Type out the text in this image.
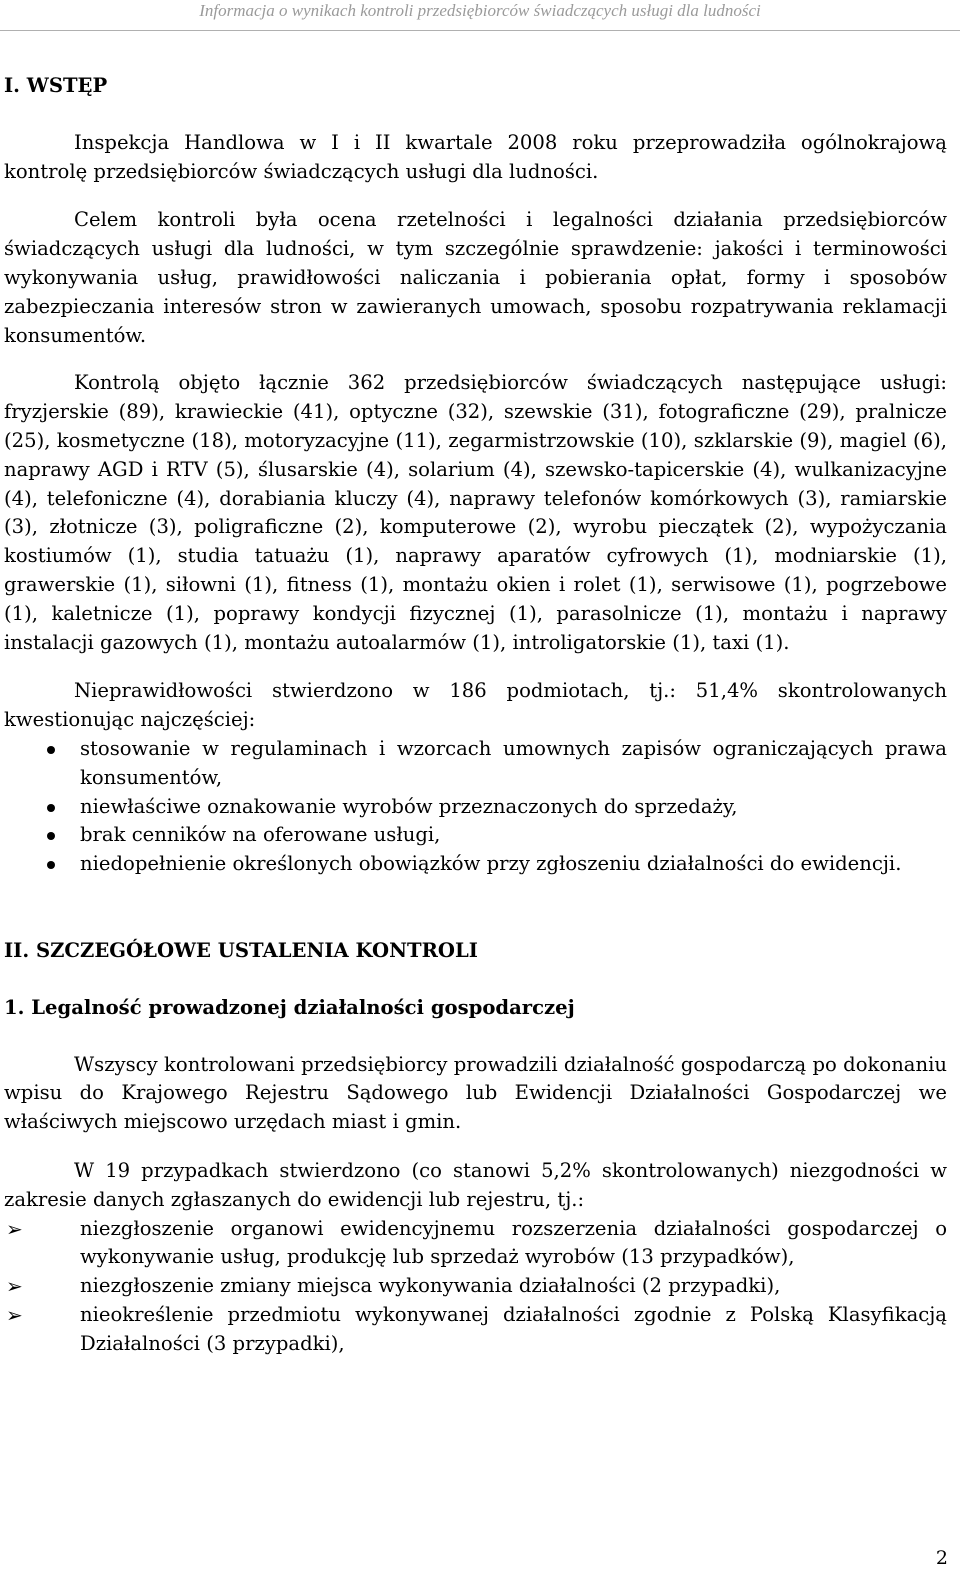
Informacja o wynikach kontroli przedsiębiorców świadczących usługi dla ludności
I. WSTĘP

Inspekcja Handlowa w I i II kwartale 2008 roku przeprowadziła ogólnokrajową kontrolę przedsiębiorców świadczących usługi dla ludności.

Celem kontroli była ocena rzetelności i legalności działania przedsiębiorców świadczących usługi dla ludności, w tym szczególnie sprawdzenie: jakości i terminowości wykonywania usług, prawidłowości naliczania i pobierania opłat, formy i sposobów zabezpieczania interesów stron w zawieranych umowach, sposobu rozpatrywania reklamacji konsumentów.

Kontrolą objęto łącznie 362 przedsiębiorców świadczących następujące usługi: fryzjerskie (89), krawieckie (41), optyczne (32), szewskie (31), fotograficzne (29), pralnicze (25), kosmetyczne (18), motoryzacyjne (11), zegarmistrzowskie (10), szklarskie (9), magiel (6), naprawy AGD i RTV (5), ślusarskie (4), solarium (4), szewsko-tapicerskie (4), wulkanizacyjne (4), telefoniczne (4), dorabiania kluczy (4), naprawy telefonów komórkowych (3), ramiarskie (3), złotnicze (3), poligraficzne (2), komputerowe (2), wyrobu pieczątek (2), wypożyczania kostiumów (1), studia tatuażu (1), naprawy aparatów cyfrowych (1), modniarskie (1), grawerskie (1), siłowni (1), fitness (1), montażu okien i rolet (1), serwisowe (1), pogrzebowe (1), kaletnicze (1), poprawy kondycji fizycznej (1), parasolnicze (1), montażu i naprawy instalacji gazowych (1), montażu autoalarmów (1), introligatorskie (1), taxi (1).

Nieprawidłowości stwierdzono w 186 podmiotach, tj.: 51,4% skontrolowanych kwestionując najczęściej:

stosowanie w regulaminach i wzorcach umownych zapisów ograniczających prawa konsumentów,
niewłaściwe oznakowanie wyrobów przeznaczonych do sprzedaży,
brak cenników na oferowane usługi,
niedopełnienie określonych obowiązków przy zgłoszeniu działalności do ewidencji.
II. SZCZEGÓŁOWE USTALENIA KONTROLI
1. Legalność prowadzonej działalności gospodarczej

Wszyscy kontrolowani przedsiębiorcy prowadzili działalność gospodarczą po dokonaniu wpisu do Krajowego Rejestru Sądowego lub Ewidencji Działalności Gospodarczej we właściwych miejscowo urzędach miast i gmin.

W 19 przypadkach stwierdzono (co stanowi 5,2% skontrolowanych) niezgodności w zakresie danych zgłaszanych do ewidencji lub rejestru, tj.:

➢ niezgłoszenie organowi ewidencyjnemu rozszerzenia działalności gospodarczej o wykonywanie usług, produkcję lub sprzedaż wyrobów (13 przypadków),
➢ niezgłoszenie zmiany miejsca wykonywania działalności (2 przypadki),
➢ nieokreślenie przedmiotu wykonywanej działalności zgodnie z Polską Klasyfikacją Działalności (3 przypadki),
2
